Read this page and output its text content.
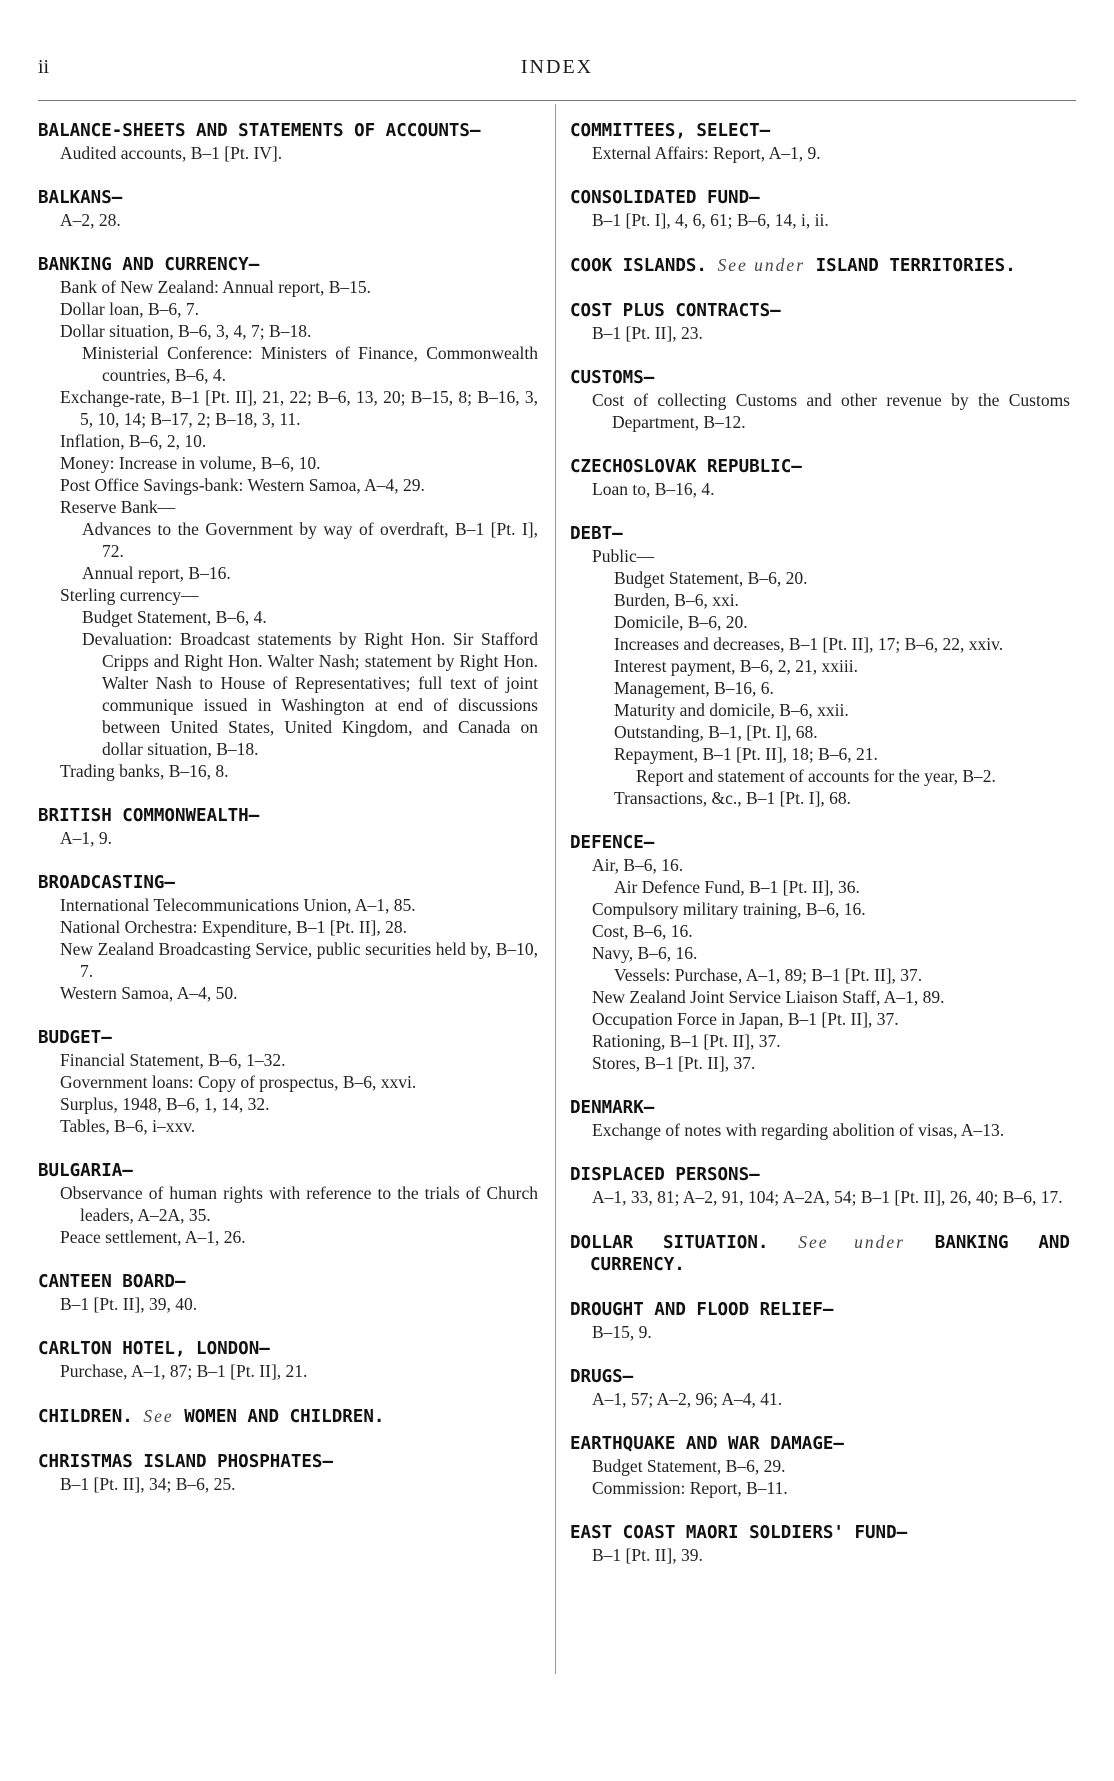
ii	INDEX
BALANCE-SHEETS AND STATEMENTS OF ACCOUNTS—
Audited accounts, B–1 [Pt. IV].
BALKANS—
A–2, 28.
BANKING AND CURRENCY—
Bank of New Zealand: Annual report, B–15.
Dollar loan, B–6, 7.
Dollar situation, B–6, 3, 4, 7; B–18.
Ministerial Conference: Ministers of Finance, Commonwealth countries, B–6, 4.
Exchange-rate, B–1 [Pt. II], 21, 22; B–6, 13, 20; B–15, 8; B–16, 3, 5, 10, 14; B–17, 2; B–18, 3, 11.
Inflation, B–6, 2, 10.
Money: Increase in volume, B–6, 10.
Post Office Savings-bank: Western Samoa, A–4, 29.
Reserve Bank—
Advances to the Government by way of overdraft, B–1 [Pt. I], 72.
Annual report, B–16.
Sterling currency—
Budget Statement, B–6, 4.
Devaluation: Broadcast statements by Right Hon. Sir Stafford Cripps and Right Hon. Walter Nash; statement by Right Hon. Walter Nash to House of Representatives; full text of joint communique issued in Washington at end of discussions between United States, United Kingdom, and Canada on dollar situation, B–18.
Trading banks, B–16, 8.
BRITISH COMMONWEALTH—
A–1, 9.
BROADCASTING—
International Telecommunications Union, A–1, 85.
National Orchestra: Expenditure, B–1 [Pt. II], 28.
New Zealand Broadcasting Service, public securities held by, B–10, 7.
Western Samoa, A–4, 50.
BUDGET—
Financial Statement, B–6, 1–32.
Government loans: Copy of prospectus, B–6, xxvi.
Surplus, 1948, B–6, 1, 14, 32.
Tables, B–6, i–xxv.
BULGARIA—
Observance of human rights with reference to the trials of Church leaders, A–2A, 35.
Peace settlement, A–1, 26.
CANTEEN BOARD—
B–1 [Pt. II], 39, 40.
CARLTON HOTEL, LONDON—
Purchase, A–1, 87; B–1 [Pt. II], 21.
CHILDREN. See WOMEN AND CHILDREN.
CHRISTMAS ISLAND PHOSPHATES—
B–1 [Pt. II], 34; B–6, 25.
COMMITTEES, SELECT—
External Affairs: Report, A–1, 9.
CONSOLIDATED FUND—
B–1 [Pt. I], 4, 6, 61; B–6, 14, i, ii.
COOK ISLANDS. See under ISLAND TERRITORIES.
COST PLUS CONTRACTS—
B–1 [Pt. II], 23.
CUSTOMS—
Cost of collecting Customs and other revenue by the Customs Department, B–12.
CZECHOSLOVAK REPUBLIC—
Loan to, B–16, 4.
DEBT—
Public—
Budget Statement, B–6, 20.
Burden, B–6, xxi.
Domicile, B–6, 20.
Increases and decreases, B–1 [Pt. II], 17; B–6, 22, xxiv.
Interest payment, B–6, 2, 21, xxiii.
Management, B–16, 6.
Maturity and domicile, B–6, xxii.
Outstanding, B–1, [Pt. I], 68.
Repayment, B–1 [Pt. II], 18; B–6, 21.
Report and statement of accounts for the year, B–2.
Transactions, &c., B–1 [Pt. I], 68.
DEFENCE—
Air, B–6, 16.
Air Defence Fund, B–1 [Pt. II], 36.
Compulsory military training, B–6, 16.
Cost, B–6, 16.
Navy, B–6, 16.
Vessels: Purchase, A–1, 89; B–1 [Pt. II], 37.
New Zealand Joint Service Liaison Staff, A–1, 89.
Occupation Force in Japan, B–1 [Pt. II], 37.
Rationing, B–1 [Pt. II], 37.
Stores, B–1 [Pt. II], 37.
DENMARK—
Exchange of notes with regarding abolition of visas, A–13.
DISPLACED PERSONS—
A–1, 33, 81; A–2, 91, 104; A–2A, 54; B–1 [Pt. II], 26, 40; B–6, 17.
DOLLAR SITUATION. See under BANKING AND CURRENCY.
DROUGHT AND FLOOD RELIEF—
B–15, 9.
DRUGS—
A–1, 57; A–2, 96; A–4, 41.
EARTHQUAKE AND WAR DAMAGE—
Budget Statement, B–6, 29.
Commission: Report, B–11.
EAST COAST MAORI SOLDIERS' FUND—
B–1 [Pt. II], 39.
